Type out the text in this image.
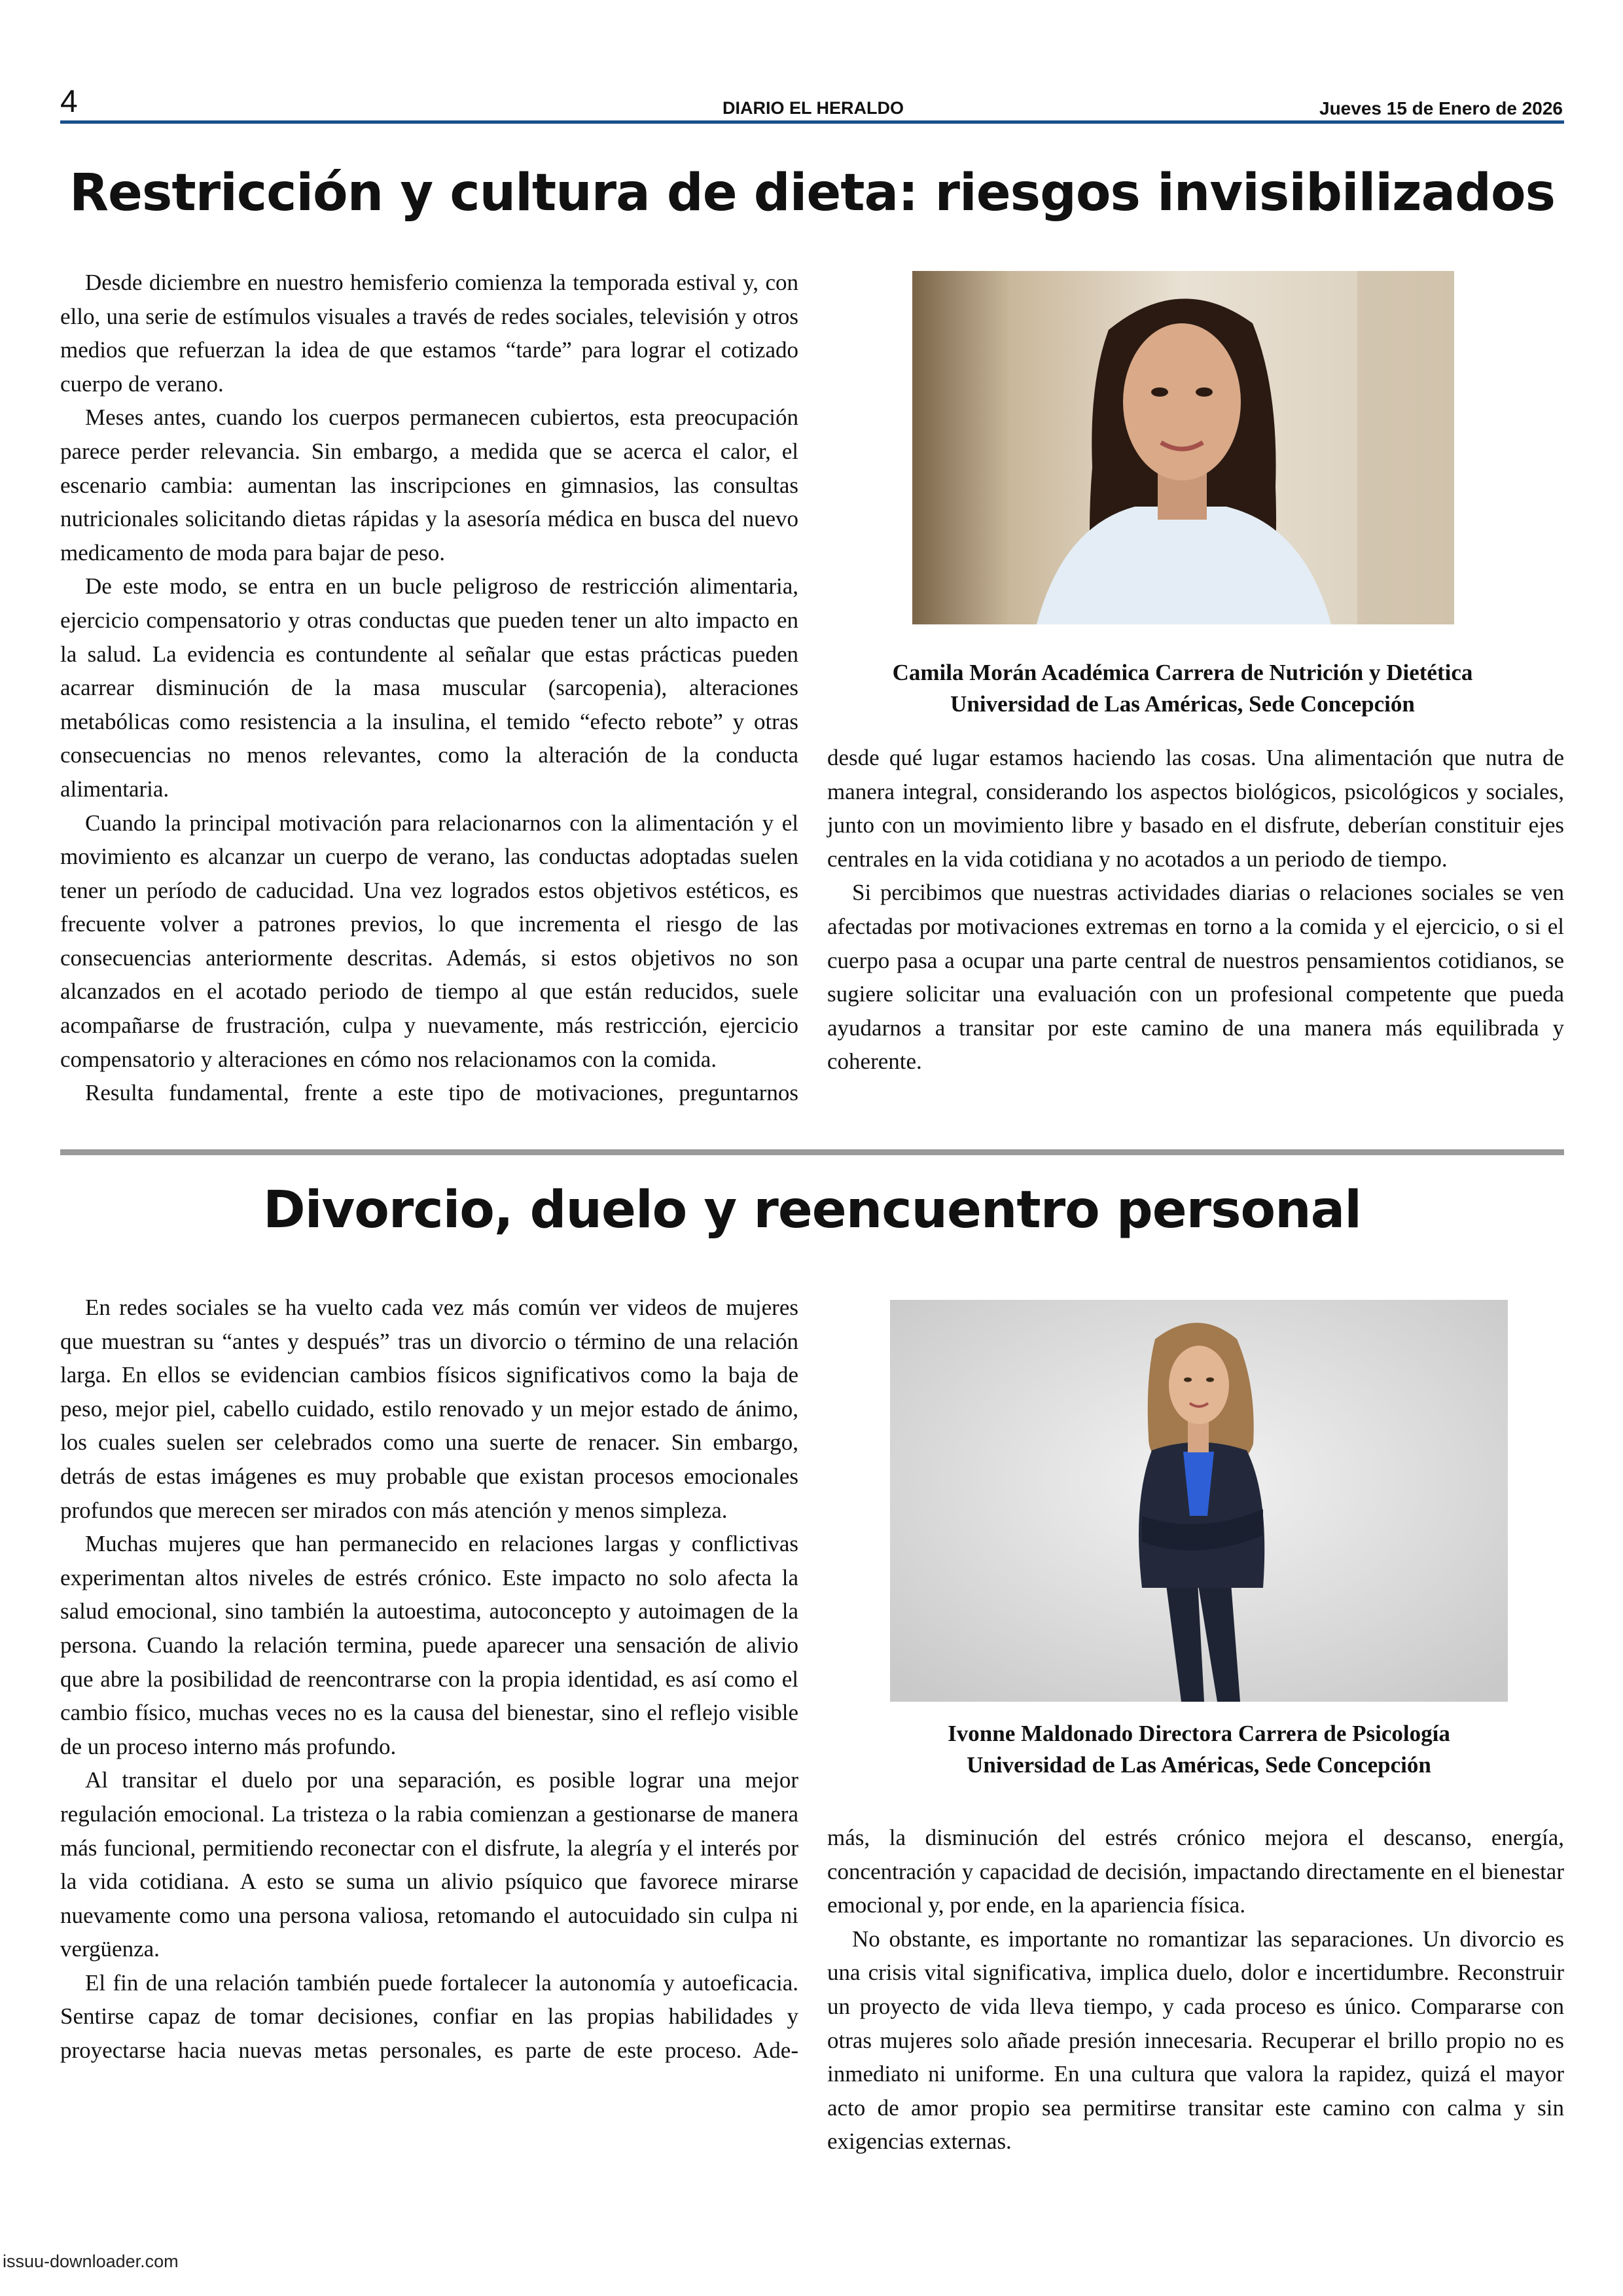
4	DIARIO EL HERALDO	Jueves 15 de Enero de 2026
Restricción y cultura de dieta: riesgos invisibilizados

Desde diciembre en nuestro hemisferio comienza la temporada estival y, con ello, una serie de estímulos visuales a través de redes sociales, televisión y otros medios que refuerzan la idea de que estamos “tarde” para lograr el cotizado cuerpo de verano.

Meses antes, cuando los cuerpos permanecen cubiertos, esta preocupación parece perder relevancia. Sin embargo, a medida que se acerca el calor, el escenario cambia: aumentan las inscripciones en gimnasios, las consultas nutricionales solicitando dietas rápidas y la asesoría médica en busca del nuevo medicamento de moda para bajar de peso.

De este modo, se entra en un bucle peligroso de restricción alimentaria, ejercicio compensatorio y otras conductas que pueden tener un alto impacto en la salud. La evidencia es contundente al señalar que estas prácticas pueden acarrear disminución de la masa muscular (sarcopenia), alteraciones metabólicas como resistencia a la insulina, el temido “efecto rebote” y otras consecuencias no menos relevantes, como la alteración de la conducta alimentaria.

Cuando la principal motivación para relacionarnos con la alimentación y el movimiento es alcanzar un cuerpo de verano, las conductas adoptadas suelen tener un período de caducidad. Una vez logrados estos objetivos estéticos, es frecuente volver a patrones previos, lo que incrementa el riesgo de las consecuencias anteriormente descritas. Además, si estos objetivos no son alcanzados en el acotado periodo de tiempo al que están reducidos, suele acompañarse de frustración, culpa y nuevamente, más restricción, ejercicio compensatorio y alteraciones en cómo nos relacionamos con la comida.

Resulta fundamental, frente a este tipo de motivaciones, preguntarnos

Camila Morán Académica Carrera de Nutrición y Dietética
Universidad de Las Américas, Sede Concepción

desde qué lugar estamos haciendo las cosas. Una alimentación que nutra de manera integral, considerando los aspectos biológicos, psicológicos y sociales, junto con un movimiento libre y basado en el disfrute, deberían constituir ejes centrales en la vida cotidiana y no acotados a un periodo de tiempo.

Si percibimos que nuestras actividades diarias o relaciones sociales se ven afectadas por motivaciones extremas en torno a la comida y el ejercicio, o si el cuerpo pasa a ocupar una parte central de nuestros pensamientos cotidianos, se sugiere solicitar una evaluación con un profesional competente que pueda ayudarnos a transitar por este camino de una manera más equilibrada y coherente.

Divorcio, duelo y reencuentro personal

En redes sociales se ha vuelto cada vez más común ver videos de mujeres que muestran su “antes y después” tras un divorcio o término de una relación larga. En ellos se evidencian cambios físicos significativos como la baja de peso, mejor piel, cabello cuidado, estilo renovado y un mejor estado de ánimo, los cuales suelen ser celebrados como una suerte de renacer. Sin embargo, detrás de estas imágenes es muy probable que existan procesos emocionales profundos que merecen ser mirados con más atención y menos simpleza.

Muchas mujeres que han permanecido en relaciones largas y conflictivas experimentan altos niveles de estrés crónico. Este impacto no solo afecta la salud emocional, sino también la autoestima, autoconcepto y autoimagen de la persona. Cuando la relación termina, puede aparecer una sensación de alivio que abre la posibilidad de reencontrarse con la propia identidad, es así como el cambio físico, muchas veces no es la causa del bienestar, sino el reflejo visible de un proceso interno más profundo.

Al transitar el duelo por una separación, es posible lograr una mejor regulación emocional. La tristeza o la rabia comienzan a gestionarse de manera más funcional, permitiendo reconectar con el disfrute, la alegría y el interés por la vida cotidiana. A esto se suma un alivio psíquico que favorece mirarse nuevamente como una persona valiosa, retomando el autocuidado sin culpa ni vergüenza.

El fin de una relación también puede fortalecer la autonomía y autoeficacia. Sentirse capaz de tomar decisiones, confiar en las propias habilidades y proyectarse hacia nuevas metas personales, es parte de este proceso. Ade-

Ivonne Maldonado Directora Carrera de Psicología
Universidad de Las Américas, Sede Concepción

más, la disminución del estrés crónico mejora el descanso, energía, concentración y capacidad de decisión, impactando directamente en el bienestar emocional y, por ende, en la apariencia física.

No obstante, es importante no romantizar las separaciones. Un divorcio es una crisis vital significativa, implica duelo, dolor e incertidumbre. Reconstruir un proyecto de vida lleva tiempo, y cada proceso es único. Compararse con otras mujeres solo añade presión innecesaria. Recuperar el brillo propio no es inmediato ni uniforme. En una cultura que valora la rapidez, quizá el mayor acto de amor propio sea permitirse transitar este camino con calma y sin exigencias externas.

issuu-downloader.com
